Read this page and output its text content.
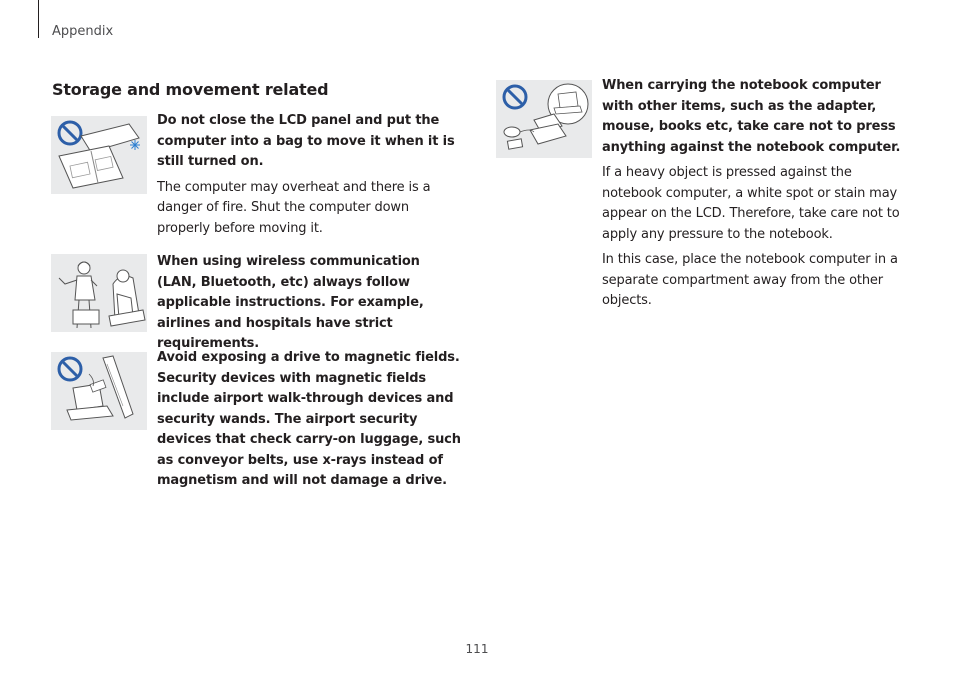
Appendix
Storage and movement related

Do not close the LCD panel and put the computer into a bag to move it when it is still turned on.

The computer may overheat and there is a danger of fire. Shut the computer down properly before moving it.

When using wireless communication (LAN, Bluetooth, etc) always follow applicable instructions. For example, airlines and hospitals have strict requirements.

Avoid exposing a drive to magnetic fields. Security devices with magnetic fields include airport walk-through devices and security wands. The airport security devices that check carry-on luggage, such as conveyor belts, use x-rays instead of magnetism and will not damage a drive.

When carrying the notebook computer with other items, such as the adapter, mouse, books etc, take care not to press anything against the notebook computer.

If a heavy object is pressed against the notebook computer, a white spot or stain may appear on the LCD. Therefore, take care not to apply any pressure to the notebook.

In this case, place the notebook computer in a separate compartment away from the other objects.

111
